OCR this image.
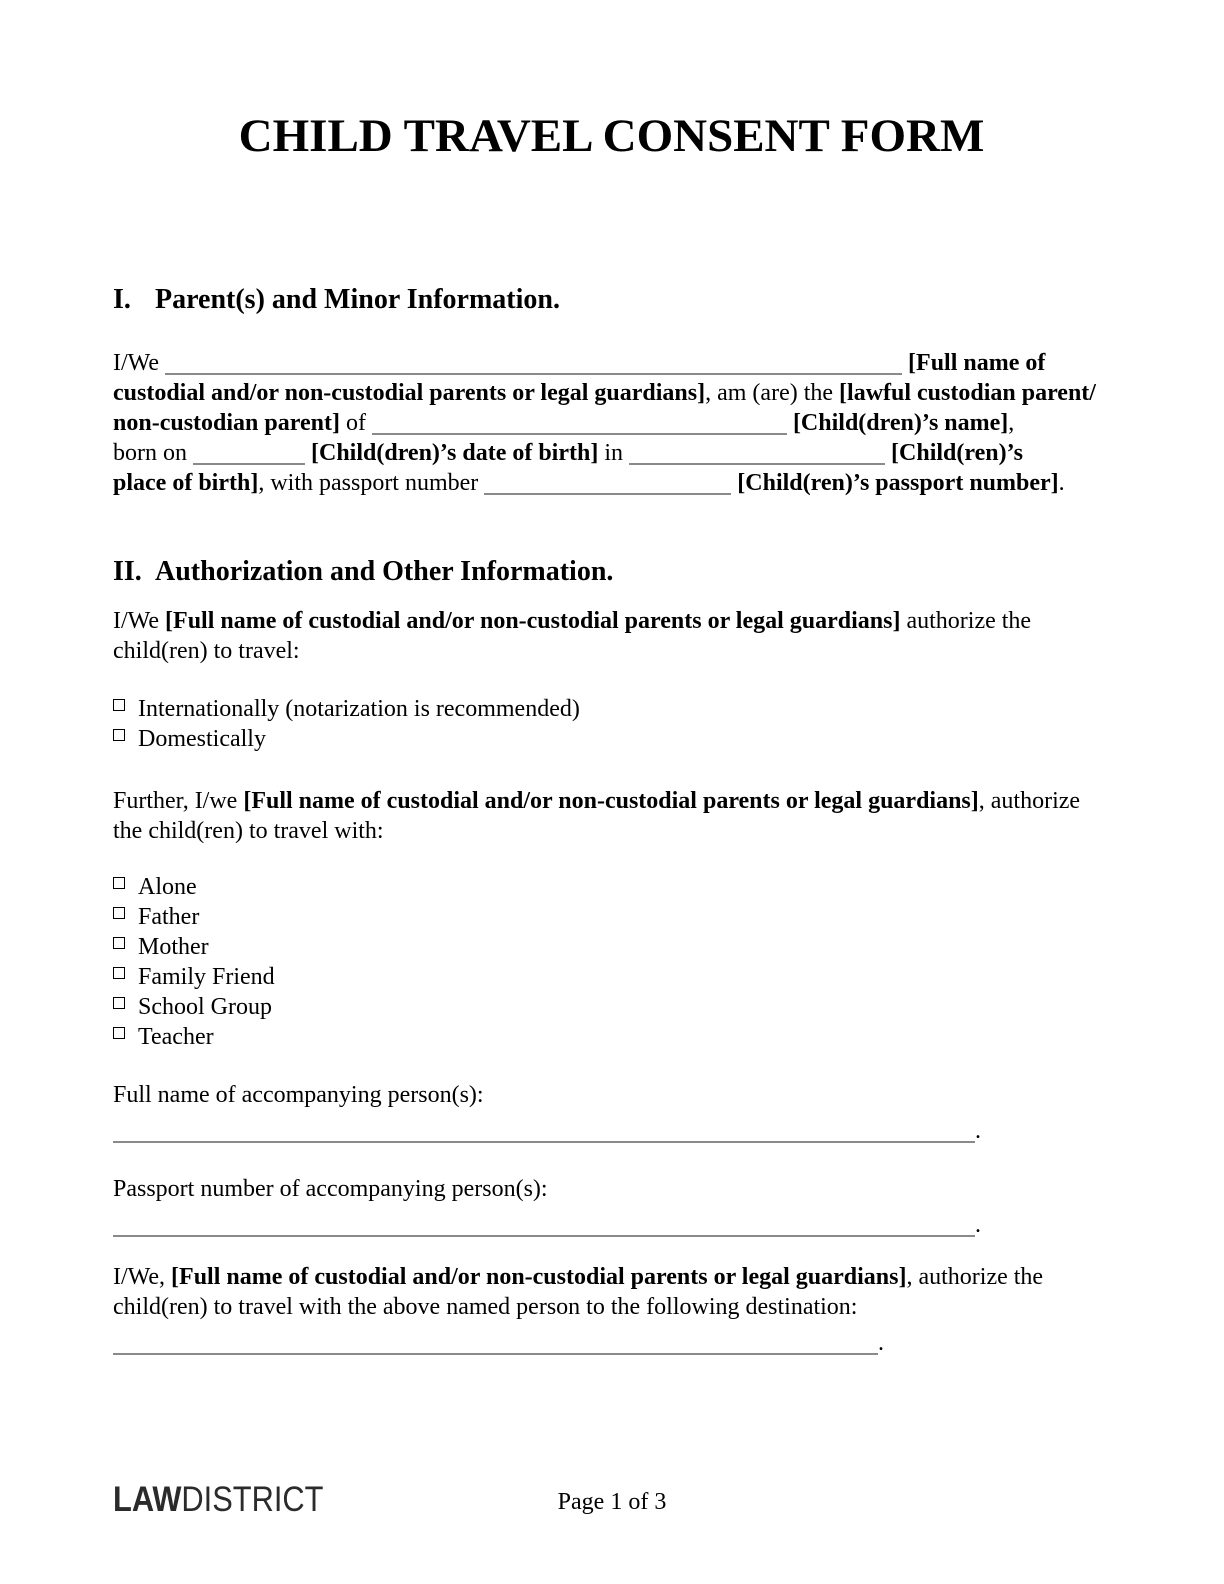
CHILD TRAVEL CONSENT FORM
I. Parent(s) and Minor Information.
I/We	[Full name of
custodial and/or non-custodial parents or legal guardians], am (are) the [lawful custodian parent/
non-custodian parent] of	[Child(dren)’s name],
born on	[Child(dren)’s date of birth] in	[Child(ren)’s
place of birth], with passport number	[Child(ren)’s passport number].
II. Authorization and Other Information.
I/We [Full name of custodial and/or non-custodial parents or legal guardians] authorize the
child(ren) to travel:
Internationally (notarization is recommended)
Domestically
Further, I/we [Full name of custodial and/or non-custodial parents or legal guardians], authorize
the child(ren) to travel with:
Alone
Father
Mother
Family Friend
School Group
Teacher
Full name of accompanying person(s):
.
Passport number of accompanying person(s):
.
I/We, [Full name of custodial and/or non-custodial parents or legal guardians], authorize the
child(ren) to travel with the above named person to the following destination:
.
LAWDISTRICT	Page 1 of 3
